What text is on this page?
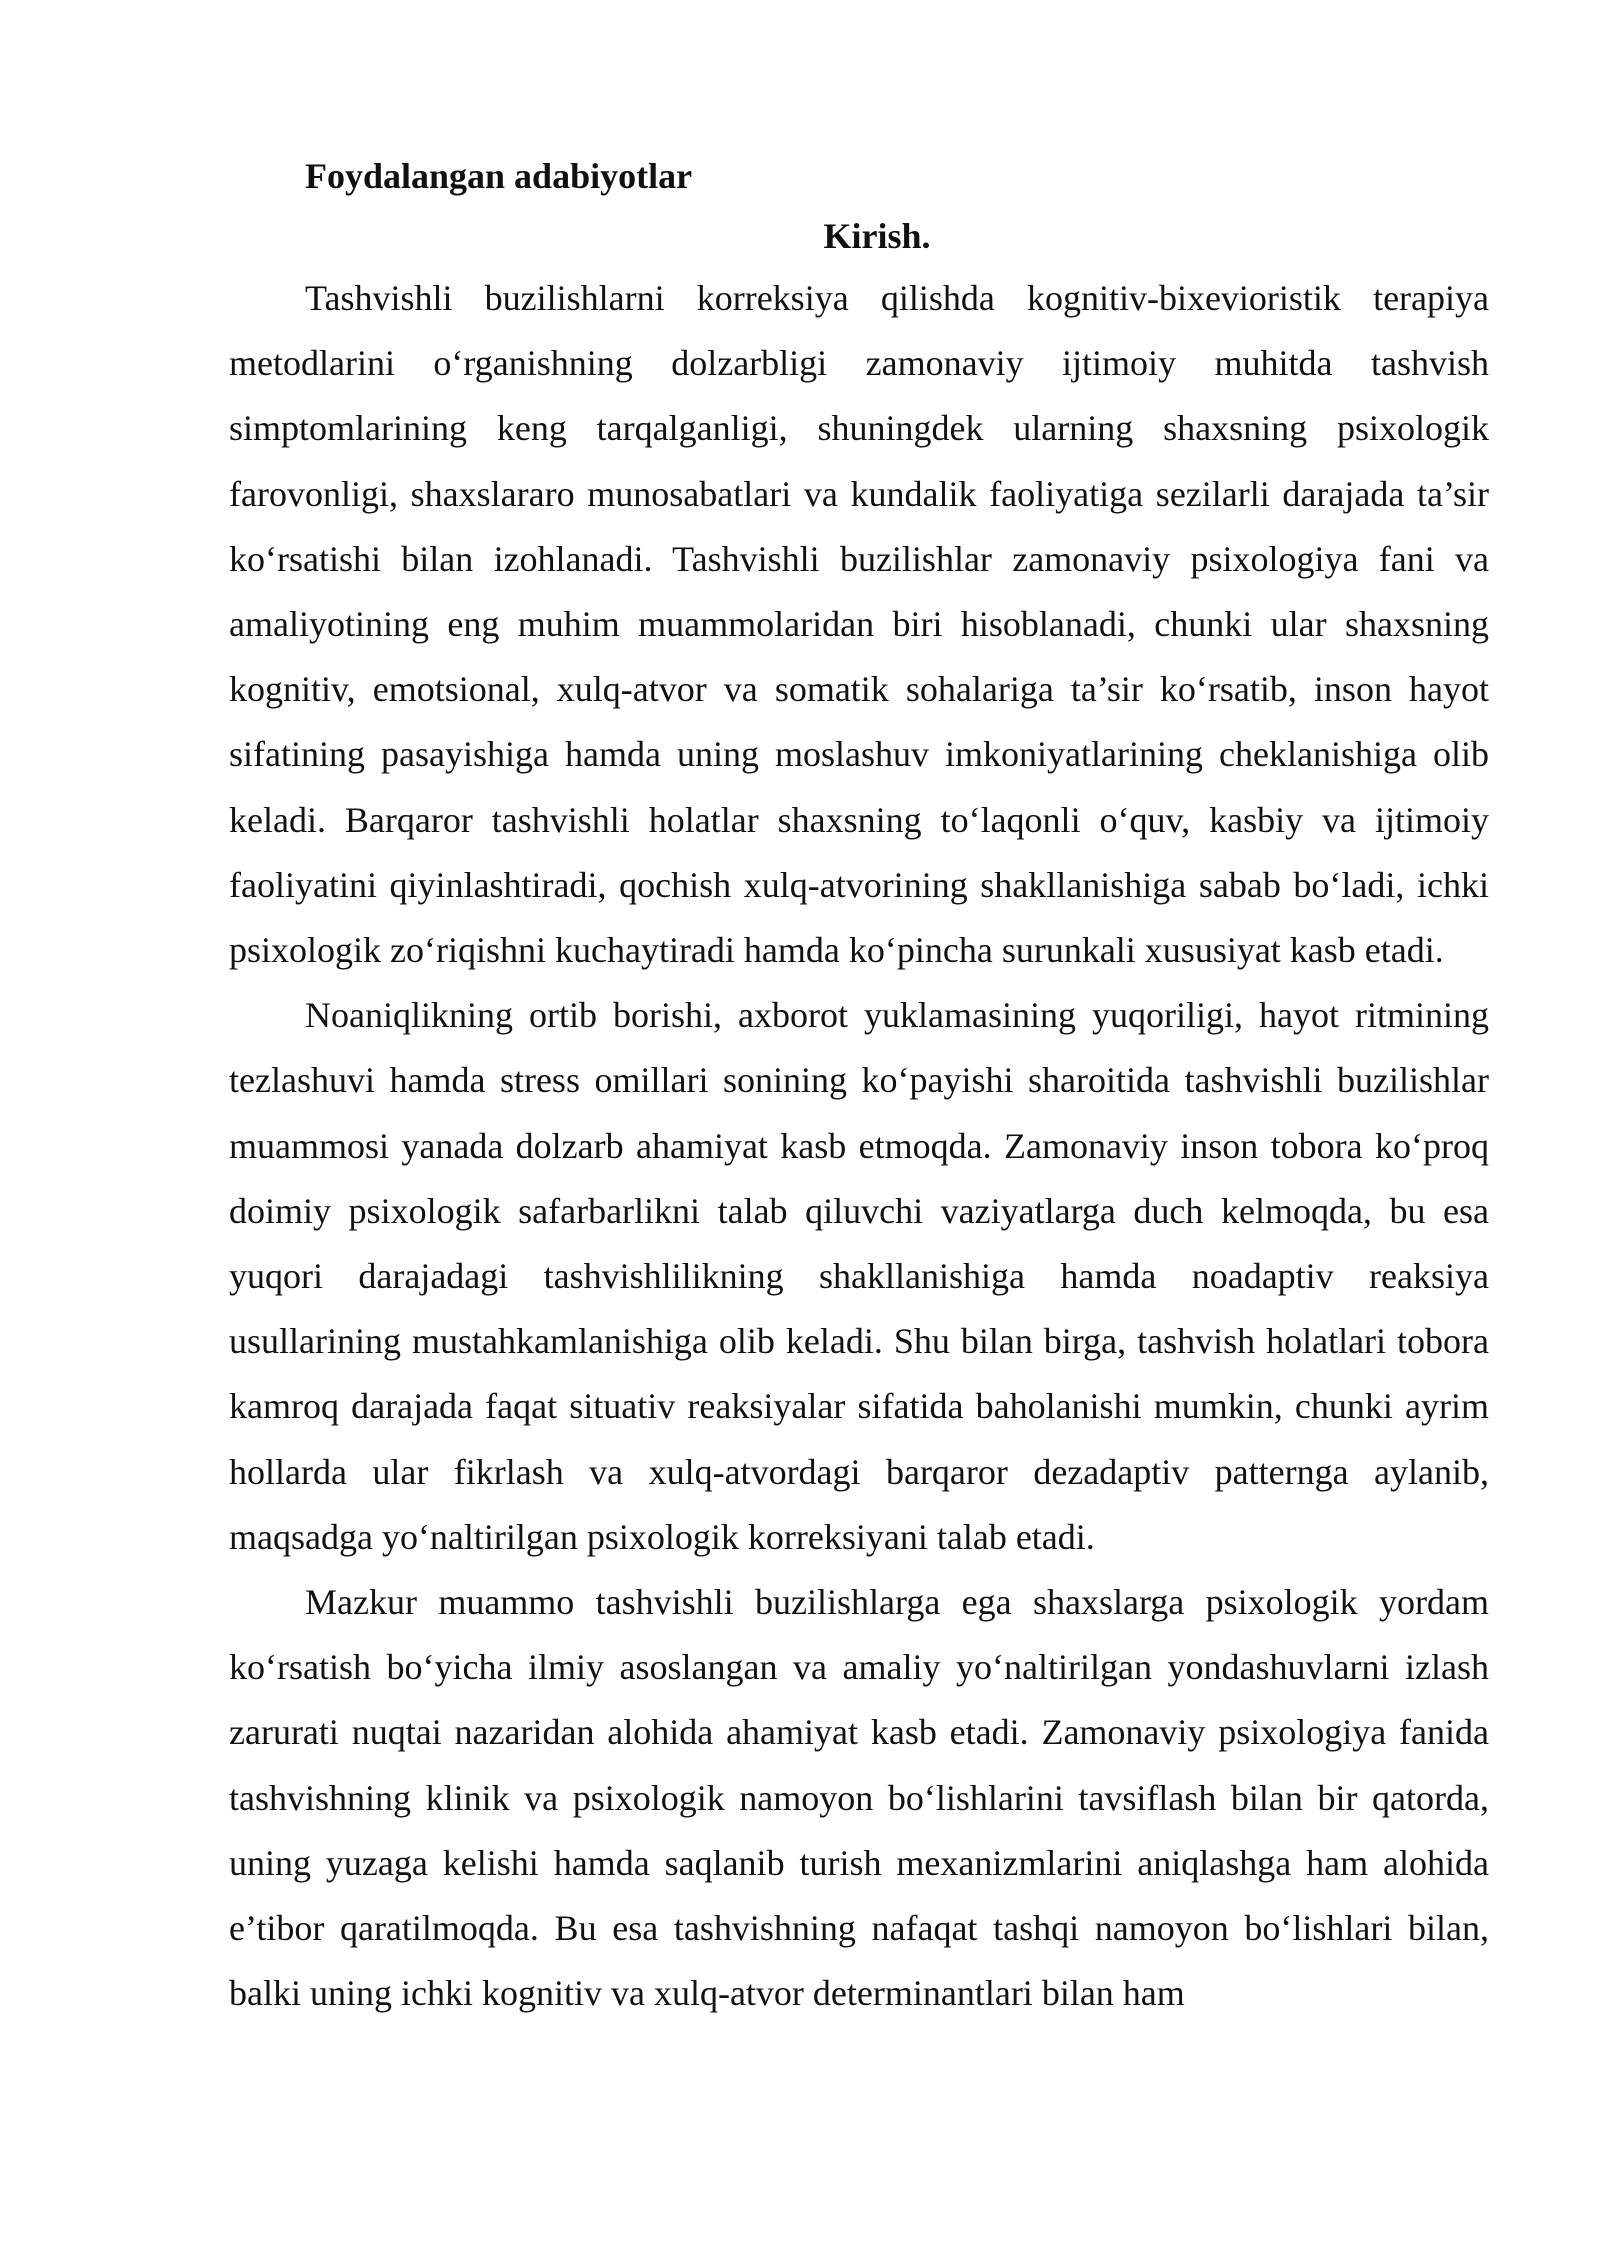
Foydalangan adabiyotlar

Kirish.

Tashvishli buzilishlarni korreksiya qilishda kognitiv-bixevioristik terapiya metodlarini o‘rganishning dolzarbligi zamonaviy ijtimoiy muhitda tashvish simptomlarining keng tarqalganligi, shuningdek ularning shaxsning psixologik farovonligi, shaxslararo munosabatlari va kundalik faoliyatiga sezilarli darajada ta’sir ko‘rsatishi bilan izohlanadi. Tashvishli buzilishlar zamonaviy psixologiya fani va amaliyotining eng muhim muammolaridan biri hisoblanadi, chunki ular shaxsning kognitiv, emotsional, xulq-atvor va somatik sohalariga ta’sir ko‘rsatib, inson hayot sifatining pasayishiga hamda uning moslashuv imkoniyatlarining cheklanishiga olib keladi. Barqaror tashvishli holatlar shaxsning to‘laqonli o‘quv, kasbiy va ijtimoiy faoliyatini qiyinlashtiradi, qochish xulq-atvorining shakllanishiga sabab bo‘ladi, ichki psixologik zo‘riqishni kuchaytiradi hamda ko‘pincha surunkali xususiyat kasb etadi.

Noaniqlikning ortib borishi, axborot yuklamasining yuqoriligi, hayot ritmining tezlashuvi hamda stress omillari sonining ko‘payishi sharoitida tashvishli buzilishlar muammosi yanada dolzarb ahamiyat kasb etmoqda. Zamonaviy inson tobora ko‘proq doimiy psixologik safarbarlikni talab qiluvchi vaziyatlarga duch kelmoqda, bu esa yuqori darajadagi tashvishlilikning shakllanishiga hamda noadaptiv reaksiya usullarining mustahkamlanishiga olib keladi. Shu bilan birga, tashvish holatlari tobora kamroq darajada faqat situativ reaksiyalar sifatida baholanishi mumkin, chunki ayrim hollarda ular fikrlash va xulq-atvordagi barqaror dezadaptiv patternga aylanib, maqsadga yo‘naltirilgan psixologik korreksiyani talab etadi.

Mazkur muammo tashvishli buzilishlarga ega shaxslarga psixologik yordam ko‘rsatish bo‘yicha ilmiy asoslangan va amaliy yo‘naltirilgan yondashuvlarni izlash zarurati nuqtai nazaridan alohida ahamiyat kasb etadi. Zamonaviy psixologiya fanida tashvishning klinik va psixologik namoyon bo‘lishlarini tavsiflash bilan bir qatorda, uning yuzaga kelishi hamda saqlanib turish mexanizmlarini aniqlashga ham alohida e’tibor qaratilmoqda. Bu esa tashvishning nafaqat tashqi namoyon bo‘lishlari bilan, balki uning ichki kognitiv va xulq-atvor determinantlari bilan ham
